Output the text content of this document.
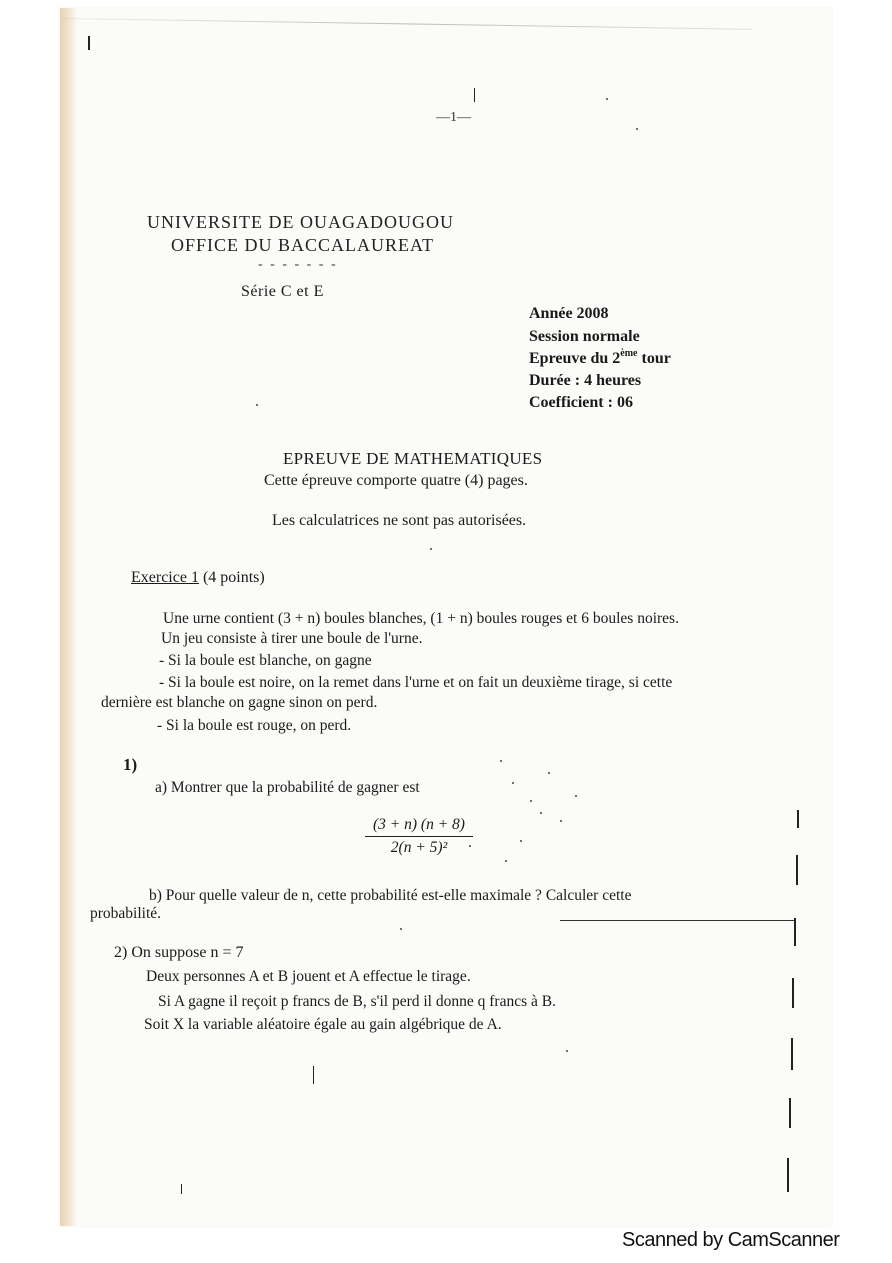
—1—
UNIVERSITE DE OUAGADOUGOU
OFFICE DU BACCALAUREAT
- - - - - - -
Série C et E
Année 2008
Session normale
Epreuve du 2ème tour
Durée : 4 heures
Coefficient : 06
EPREUVE DE MATHEMATIQUES
Cette épreuve comporte quatre (4) pages.
Les calculatrices ne sont pas autorisées.
Exercice 1 (4 points)
Une urne contient (3 + n) boules blanches, (1 + n) boules rouges et 6 boules noires.
Un jeu consiste à tirer une boule de l'urne.
- Si la boule est blanche, on gagne
- Si la boule est noire, on la remet dans l'urne et on fait un deuxième tirage, si cette
dernière est blanche on gagne sinon on perd.
- Si la boule est rouge, on perd.
1)
a) Montrer que la probabilité de gagner est
$\frac{(3 + n) (n + 8)}{\text{2(n + 5)²}}$
.
b) Pour quelle valeur de n, cette probabilité est-elle maximale ? Calculer cette
probabilité.
2) On suppose n = 7
Deux personnes A et B jouent et A effectue le tirage.
Si A gagne il reçoit p francs de B, s'il perd il donne q francs à B.
Soit X la variable aléatoire égale au gain algébrique de A.
Scanned by CamScanner
